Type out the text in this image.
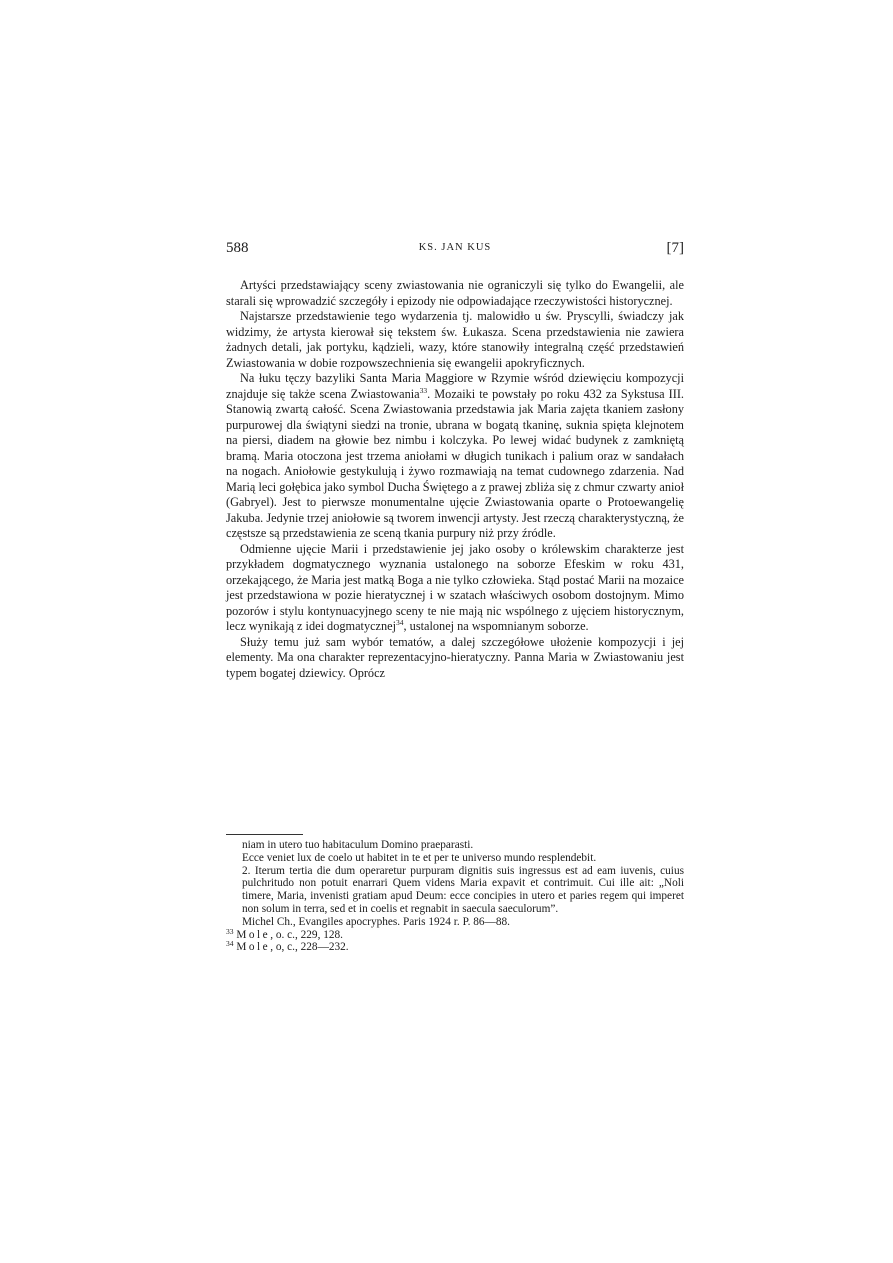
588	KS. JAN KUS	[7]

Artyści przedstawiający sceny zwiastowania nie ograniczyli się tylko do Ewangelii, ale starali się wprowadzić szczegóły i epizody nie odpowiadające rzeczywistości historycznej.

Najstarsze przedstawienie tego wydarzenia tj. malowidło u św. Pryscylli, świadczy jak widzimy, że artysta kierował się tekstem św. Łukasza. Scena przedstawienia nie zawiera żadnych detali, jak portyku, kądzieli, wazy, które stanowiły integralną część przedstawień Zwiastowania w dobie rozpowszechnienia się ewangelii apokryficznych.

Na łuku tęczy bazyliki Santa Maria Maggiore w Rzymie wśród dziewięciu kompozycji znajduje się także scena Zwiastowania$^{33}$. Mozaiki te powstały po roku 432 za Sykstusa III. Stanowią zwartą całość. Scena Zwiastowania przedstawia jak Maria zajęta tkaniem zasłony purpurowej dla świątyni siedzi na tronie, ubrana w bogatą tkaninę, suknia spięta klejnotem na piersi, diadem na głowie bez nimbu i kolczyka. Po lewej widać budynek z zamkniętą bramą. Maria otoczona jest trzema aniołami w długich tunikach i palium oraz w sandałach na nogach. Aniołowie gestykulują i żywo rozmawiają na temat cudownego zdarzenia. Nad Marią leci gołębica jako symbol Ducha Świętego a z prawej zbliża się z chmur czwarty anioł (Gabryel). Jest to pierwsze monumentalne ujęcie Zwiastowania oparte o Protoewangelię Jakuba. Jedynie trzej aniołowie są tworem inwencji artysty. Jest rzeczą charakterystyczną, że częstsze są przedstawienia ze sceną tkania purpury niż przy źródle.

Odmienne ujęcie Marii i przedstawienie jej jako osoby o królewskim charakterze jest przykładem dogmatycznego wyznania ustalonego na soborze Efeskim w roku 431, orzekającego, że Maria jest matką Boga a nie tylko człowieka. Stąd postać Marii na mozaice jest przedstawiona w pozie hieratycznej i w szatach właściwych osobom dostojnym. Mimo pozorów i stylu kontynuacyjnego sceny te nie mają nic wspólnego z ujęciem historycznym, lecz wynikają z idei dogmatycznej$^{34}$, ustalonej na wspomnianym soborze.

Służy temu już sam wybór tematów, a dalej szczegółowe ułożenie kompozycji i jej elementy. Ma ona charakter reprezentacyjno-hieratyczny. Panna Maria w Zwiastowaniu jest typem bogatej dziewicy. Oprócz

niam in utero tuo habitaculum Domino praeparasti.
Ecce veniet lux de coelo ut habitet in te et per te universo mundo resplendebit.
2. Iterum tertia die dum operaretur purpuram dignitis suis ingressus est ad eam iuvenis, cuius pulchritudo non potuit enarrari Quem videns Maria expavit et contrimuit. Cui ille ait: „Noli timere, Maria, invenisti gratiam apud Deum: ecce concipies in utero et paries regem qui imperet non solum in terra, sed et in coelis et regnabit in saecula saeculorum”.
Michel Ch., Evangiles apocryphes. Paris 1924 r. P. 86—88.
$^{33}$ Mole, o. c., 229, 128.
$^{34}$ Mole, o, c., 228—232.
